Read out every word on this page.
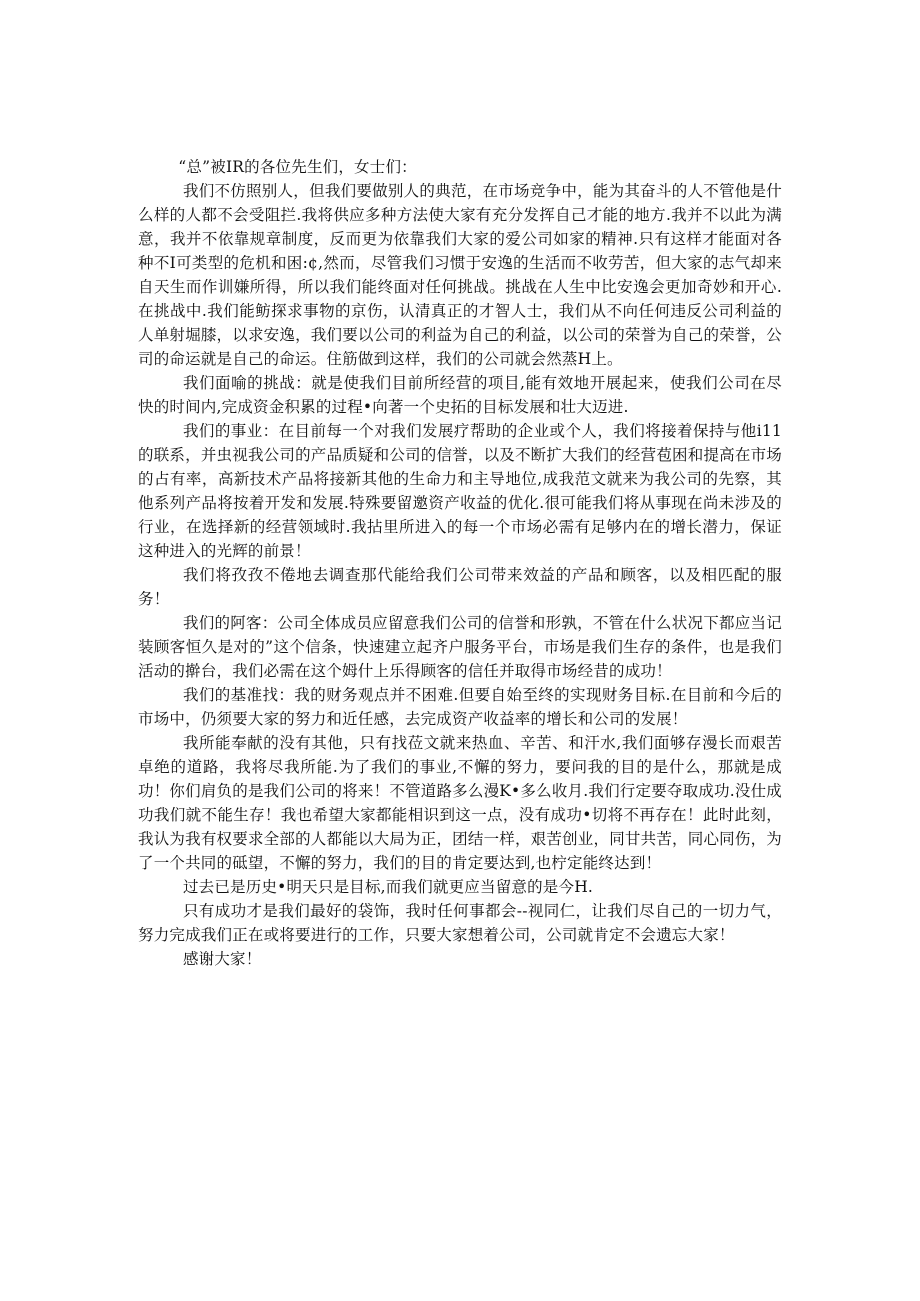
“总”被IR的各位先生们，女士们：

我们不仿照别人，但我们要做别人的典范，在市场竞争中，能为其奋斗的人不管他是什么样的人都不会受阻拦.我将供应多种方法使大家有充分发挥自己才能的地方.我并不以此为满意，我并不依靠规章制度，反而更为依靠我们大家的爱公司如家的精神.只有这样才能面对各种不I可类型的危机和困:¢,然而，尽管我们习惯于安逸的生活而不收劳苦，但大家的志气却来自天生而作训嫌所得，所以我们能终面对任何挑战。挑战在人生中比安逸会更加奇妙和开心.在挑战中.我们能鲂探求事物的京伤，认清真正的才智人士，我们从不向任何违反公司利益的人单射堀膝，以求安逸，我们要以公司的利益为自己的利益，以公司的荣誉为自己的荣誉，公司的命运就是自己的命运。住筋做到这样，我们的公司就会然蒸H上。

我们面喻的挑战：就是使我们目前所经营的项目,能有效地开展起来，使我们公司在尽快的时间内,完成资金积累的过程•向著一个史拓的目标发展和壮大迈进.

我们的事业：在目前每一个对我们发展疗帮助的企业或个人，我们将接着保持与他i11的联系，并虫视我公司的产品质疑和公司的信誉，以及不断扩大我们的经营苞困和提高在市场的占有率，高新技术产品将接新其他的生命力和主导地位,成我范文就来为我公司的先察，其他系列产品将按着开发和发展.特殊要留邀资产收益的优化.很可能我们将从事现在尚未涉及的行业，在选择新的经营领域时.我拈里所进入的每一个市场必需有足够内在的增长潜力，保证这种进入的光辉的前景！

我们将孜孜不倦地去调查那代能给我们公司带来效益的产品和顾客，以及相匹配的服务！

我们的阿客：公司全体成员应留意我们公司的信誉和形孰，不管在什么状况下都应当记装顾客恒久是对的”这个信条，快速建立起齐户服务平台，市场是我们生存的条件，也是我们活动的擀台，我们必需在这个姆什上乐得顾客的信任并取得市场经昔的成功！

我们的基准找：我的财务观点并不困难.但要自始至终的实现财务目标.在目前和今后的市场中，仍须要大家的努力和近任感，去完成资产收益率的增长和公司的发展！

我所能奉献的没有其他，只有找莅文就来热血、辛苦、和汗水,我们面够存漫长而艰苦卓绝的道路，我将尽我所能.为了我们的事业,不懈的努力，要问我的目的是什么，那就是成功！你们肩负的是我们公司的将来！不管道路多么漫K•多么收月.我们行定要夺取成功.没仕成功我们就不能生存！我也希望大家都能相识到这一点，没有成功•切将不再存在！此时此刻，我认为我有权要求全部的人都能以大局为正，团结一样，艰苦创业，同甘共苦，同心同伤，为了一个共同的砥望，不懈的努力，我们的目的肯定要达到,也柠定能终达到！

过去已是历史•明天只是目标,而我们就更应当留意的是今H.

只有成功才是我们最好的袋饰，我时任何事都会--视同仁，让我们尽自己的一切力气，努力完成我们正在或将要进行的工作，只要大家想着公司，公司就肯定不会遗忘大家！

感谢大家！
